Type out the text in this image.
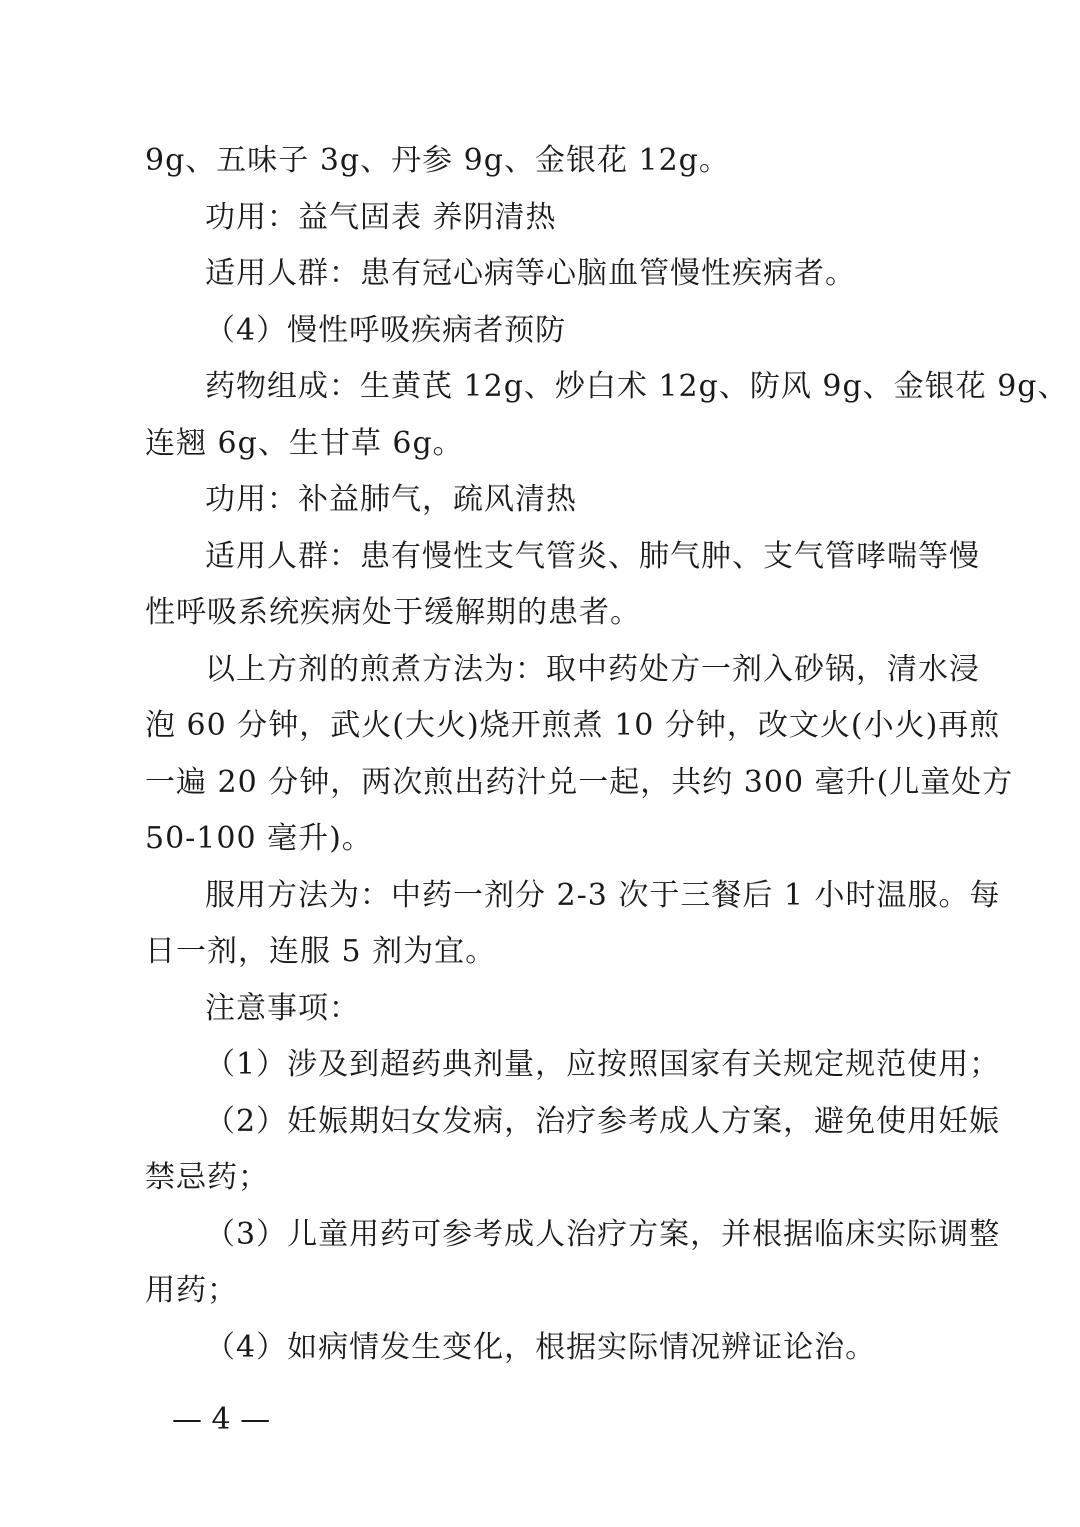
9g、五味子 3g、丹参 9g、金银花 12g。
功用：益气固表 养阴清热
适用人群：患有冠心病等心脑血管慢性疾病者。
（4）慢性呼吸疾病者预防
药物组成：生黄芪 12g、炒白术 12g、防风 9g、金银花 9g、
连翘 6g、生甘草 6g。
功用：补益肺气，疏风清热
适用人群：患有慢性支气管炎、肺气肿、支气管哮喘等慢
性呼吸系统疾病处于缓解期的患者。
以上方剂的煎煮方法为：取中药处方一剂入砂锅，清水浸
泡 60 分钟，武火(大火)烧开煎煮 10 分钟，改文火(小火)再煎
一遍 20 分钟，两次煎出药汁兑一起，共约 300 毫升(儿童处方
50-100 毫升)。
服用方法为：中药一剂分 2-3 次于三餐后 1 小时温服。每
日一剂，连服 5 剂为宜。
注意事项：
（1）涉及到超药典剂量，应按照国家有关规定规范使用；
（2）妊娠期妇女发病，治疗参考成人方案，避免使用妊娠
禁忌药；
（3）儿童用药可参考成人治疗方案，并根据临床实际调整
用药；
（4）如病情发生变化，根据实际情况辨证论治。
— 4 —
